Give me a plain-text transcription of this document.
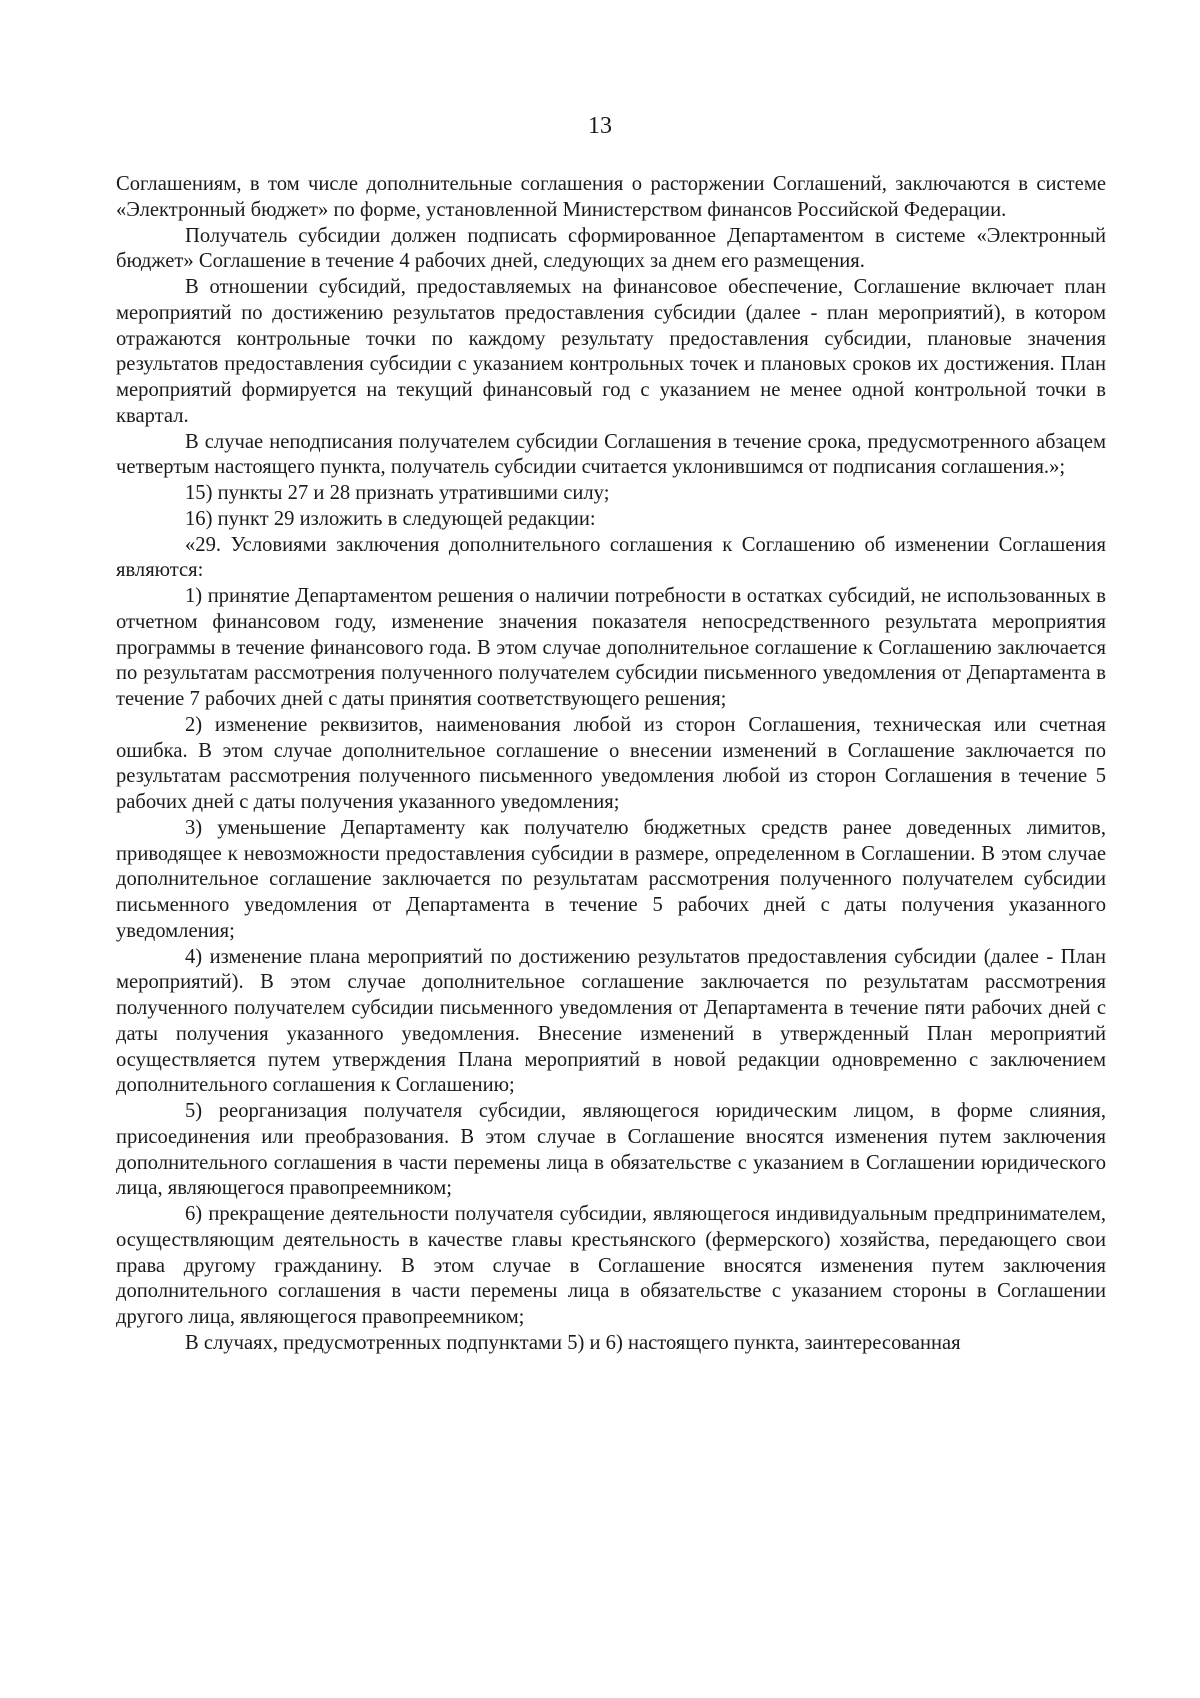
13

Соглашениям, в том числе дополнительные соглашения о расторжении Соглашений, заключаются в системе «Электронный бюджет» по форме, установленной Министерством финансов Российской Федерации.

Получатель субсидии должен подписать сформированное Департаментом в системе «Электронный бюджет» Соглашение в течение 4 рабочих дней, следующих за днем его размещения.

В отношении субсидий, предоставляемых на финансовое обеспечение, Соглашение включает план мероприятий по достижению результатов предоставления субсидии (далее - план мероприятий), в котором отражаются контрольные точки по каждому результату предоставления субсидии, плановые значения результатов предоставления субсидии с указанием контрольных точек и плановых сроков их достижения. План мероприятий формируется на текущий финансовый год с указанием не менее одной контрольной точки в квартал.

В случае неподписания получателем субсидии Соглашения в течение срока, предусмотренного абзацем четвертым настоящего пункта, получатель субсидии считается уклонившимся от подписания соглашения.»;

15) пункты 27 и 28 признать утратившими силу;

16) пункт 29 изложить в следующей редакции:

«29. Условиями заключения дополнительного соглашения к Соглашению об изменении Соглашения являются:

1) принятие Департаментом решения о наличии потребности в остатках субсидий, не использованных в отчетном финансовом году, изменение значения показателя непосредственного результата мероприятия программы в течение финансового года. В этом случае дополнительное соглашение к Соглашению заключается по результатам рассмотрения полученного получателем субсидии письменного уведомления от Департамента в течение 7 рабочих дней с даты принятия соответствующего решения;

2) изменение реквизитов, наименования любой из сторон Соглашения, техническая или счетная ошибка. В этом случае дополнительное соглашение о внесении изменений в Соглашение заключается по результатам рассмотрения полученного письменного уведомления любой из сторон Соглашения в течение 5 рабочих дней с даты получения указанного уведомления;

3) уменьшение Департаменту как получателю бюджетных средств ранее доведенных лимитов, приводящее к невозможности предоставления субсидии в размере, определенном в Соглашении. В этом случае дополнительное соглашение заключается по результатам рассмотрения полученного получателем субсидии письменного уведомления от Департамента в течение 5 рабочих дней с даты получения указанного уведомления;

4) изменение плана мероприятий по достижению результатов предоставления субсидии (далее - План мероприятий). В этом случае дополнительное соглашение заключается по результатам рассмотрения полученного получателем субсидии письменного уведомления от Департамента в течение пяти рабочих дней с даты получения указанного уведомления. Внесение изменений в утвержденный План мероприятий осуществляется путем утверждения Плана мероприятий в новой редакции одновременно с заключением дополнительного соглашения к Соглашению;

5) реорганизация получателя субсидии, являющегося юридическим лицом, в форме слияния, присоединения или преобразования. В этом случае в Соглашение вносятся изменения путем заключения дополнительного соглашения в части перемены лица в обязательстве с указанием в Соглашении юридического лица, являющегося правопреемником;

6) прекращение деятельности получателя субсидии, являющегося индивидуальным предпринимателем, осуществляющим деятельность в качестве главы крестьянского (фермерского) хозяйства, передающего свои права другому гражданину. В этом случае в Соглашение вносятся изменения путем заключения дополнительного соглашения в части перемены лица в обязательстве с указанием стороны в Соглашении другого лица, являющегося правопреемником;

В случаях, предусмотренных подпунктами 5) и 6) настоящего пункта, заинтересованная
